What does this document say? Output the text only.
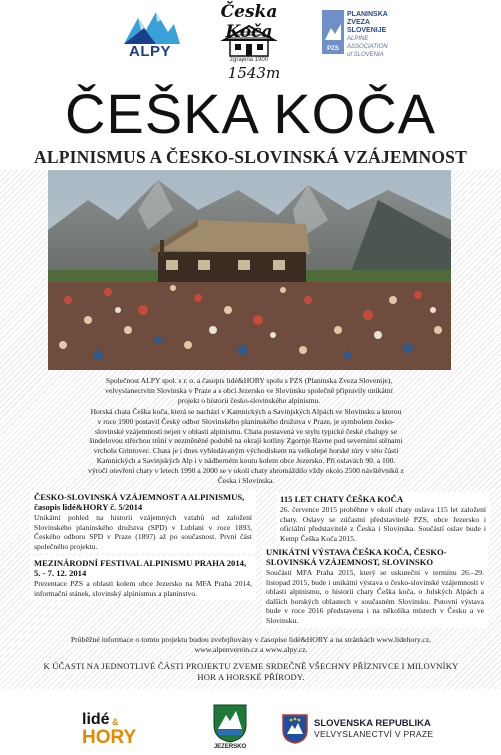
ALPY
Česka Koča
zgrajena 1900
1543m
PZS
PLANINSKA
ZVEZA
SLOVENIJE
ALPINE
ASSOCIATION
of SLOVENIA
ČEŠKA KOČA
ALPINISMUS A ČESKO-SLOVINSKÁ VZÁJEMNOST
Společnost ALPY spol. s r. o. a časopis lidé&HORY spolu s PZS (Planinska Zveza Slovenije), velvyslanectvím Slovinska v Praze a s obcí Jezersko ve Slovinsku společně připravily unikátní projekt o historii česko-slovinského alpinismu.
Horská chata Češka koča, která se nachází v Kamnických a Savinjských Alpách ve Slovinsku a kterou v roce 1900 postavil Český odbor Slovinského planinského družstva v Praze, je symbolem česko-slovinské vzájemnosti nejen v oblasti alpinismu. Chata postavená ve stylu typické české chalupy se šindelovou střechou trůní v nezměněné podobě na okraji kotliny Zgornje Ravne pod severními stěnami vrcholu Grintovec. Chata je i dnes vyhledávaným východiskem na velkolepé horské túry v této části Kamnických a Savinjských Alp i v nádherném koutu kolem obce Jezersko. Při oslavách 90. a 100. výročí otevření chaty v letech 1990 a 2000 se v okolí chaty shromáždilo vždy okolo 2500 návštěvníků z Česka i Slovinska.
ČESKO-SLOVINSKÁ VZÁJEMNOST A ALPINISMUS, časopis lidé&HORY č. 5/2014

Unikátní pohled na historii vzájemných vztahů od založení Slovinského planinského družstva (SPD) v Lublani v roce 1893, Českého odboru SPD v Praze (1897) až po současnost. První část společného projektu.

MEZINÁRODNÍ FESTIVAL ALPINISMU PRAHA 2014, 5. - 7. 12. 2014

Prezentace PZS a oblasti kolem obce Jezersko na MFA Praha 2014, informační stánek, slovinský alpinismus a planinstvo.

115 LET CHATY ČEŠKA KOČA

26. července 2015 proběhne v okolí chaty oslava 115 let založení chaty. Oslavy se zúčastní představitelé PZS, obce Jezersko i oficiální představitelé z Česka i Slovinska. Součástí oslav bude i Kemp Češka Koča 2015.

UNIKÁTNÍ VÝSTAVA ČEŠKA KOČA, ČESKO-SLOVINSKÁ VZÁJEMNOST, SLOVINSKO

Součástí MFA Praha 2015, který se uskuteční v termínu 26.–29. listopad 2015, bude i unikátní výstava o česko-slovinské vzájemnosti v oblasti alpinismu, o historii chaty Češka koča, o Julských Alpách a dalších horských oblastech v současném Slovinsku. Putovní výstava bude v roce 2016 představena i na několika místech v Česku a ve Slovinsku.

Průběžné informace o tomto projektu budou zveřejňovány v časopise lidé&HORY a na stránkách www.lidehory.cz, www.alpenverein.cz a www.alpy.cz.
K ÚČASTI NA JEDNOTLIVÉ ČÁSTI PROJEKTU ZVEME SRDEČNĚ VŠECHNY PŘÍZNIVCE I MILOVNÍKY HOR A HORSKÉ PŘÍRODY.
lidé &
HORY	JEZERSKO
SLOVENSKA REPUBLIKA
VELVYSLANECTVÍ V PRAZE
